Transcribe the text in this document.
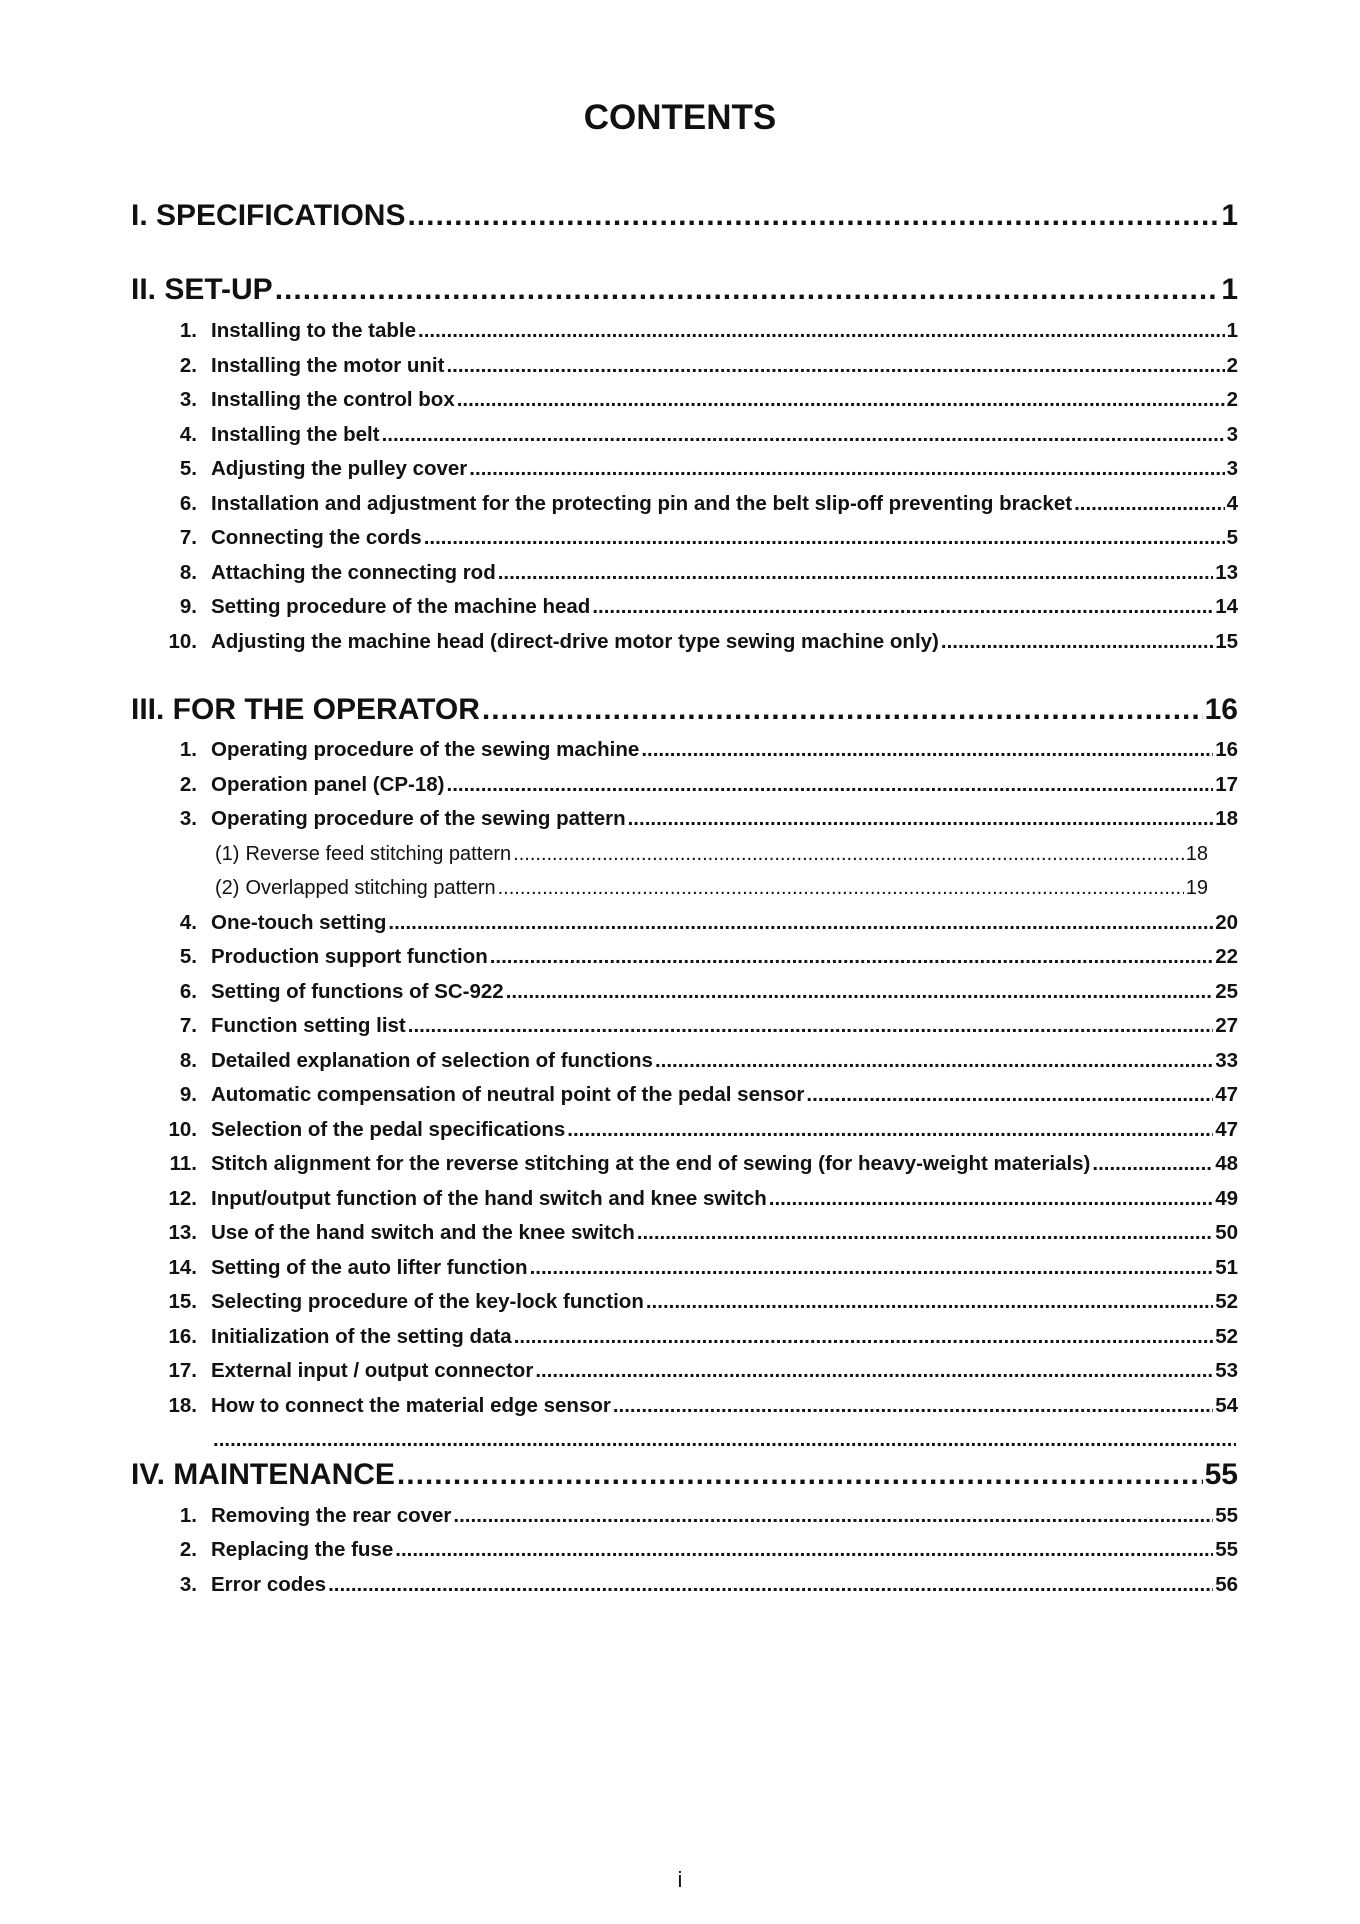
CONTENTS
I. SPECIFICATIONS .....	1
II. SET-UP .....	1
1. Installing to the table .....	1
2. Installing the motor unit .....	2
3. Installing the control box .....	2
4. Installing the belt .....	3
5. Adjusting the pulley cover .....	3
6. Installation and adjustment for the protecting pin and the belt slip-off preventing bracket .....	4
7. Connecting the cords .....	5
8. Attaching the connecting rod .....	13
9. Setting procedure of the machine head .....	14
10. Adjusting the machine head (direct-drive motor type sewing machine only) .....	15
III. FOR THE OPERATOR .....	16
1. Operating procedure of the sewing machine .....	16
2. Operation panel (CP-18) .....	17
3. Operating procedure of the sewing pattern .....	18
(1) Reverse feed stitching pattern .....	18
(2) Overlapped stitching pattern .....	19
4. One-touch setting .....	20
5. Production support function .....	22
6. Setting of functions of SC-922 .....	25
7. Function setting list .....	27
8. Detailed explanation of selection of functions .....	33
9. Automatic compensation of neutral point of the pedal sensor .....	47
10. Selection of the pedal specifications .....	47
11. Stitch alignment for the reverse stitching at the end of sewing (for heavy-weight materials) .....	48
12. Input/output function of the hand switch and knee switch .....	49
13. Use of the hand switch and the knee switch .....	50
14. Setting of the auto lifter function .....	51
15. Selecting procedure of the key-lock function .....	52
16. Initialization of the setting data .....	52
17. External input / output connector .....	53
18. How to connect the material edge sensor .....	54
.....
IV. MAINTENANCE .....	55
1. Removing the rear cover .....	55
2. Replacing the fuse .....	55
3. Error codes .....	56
i
